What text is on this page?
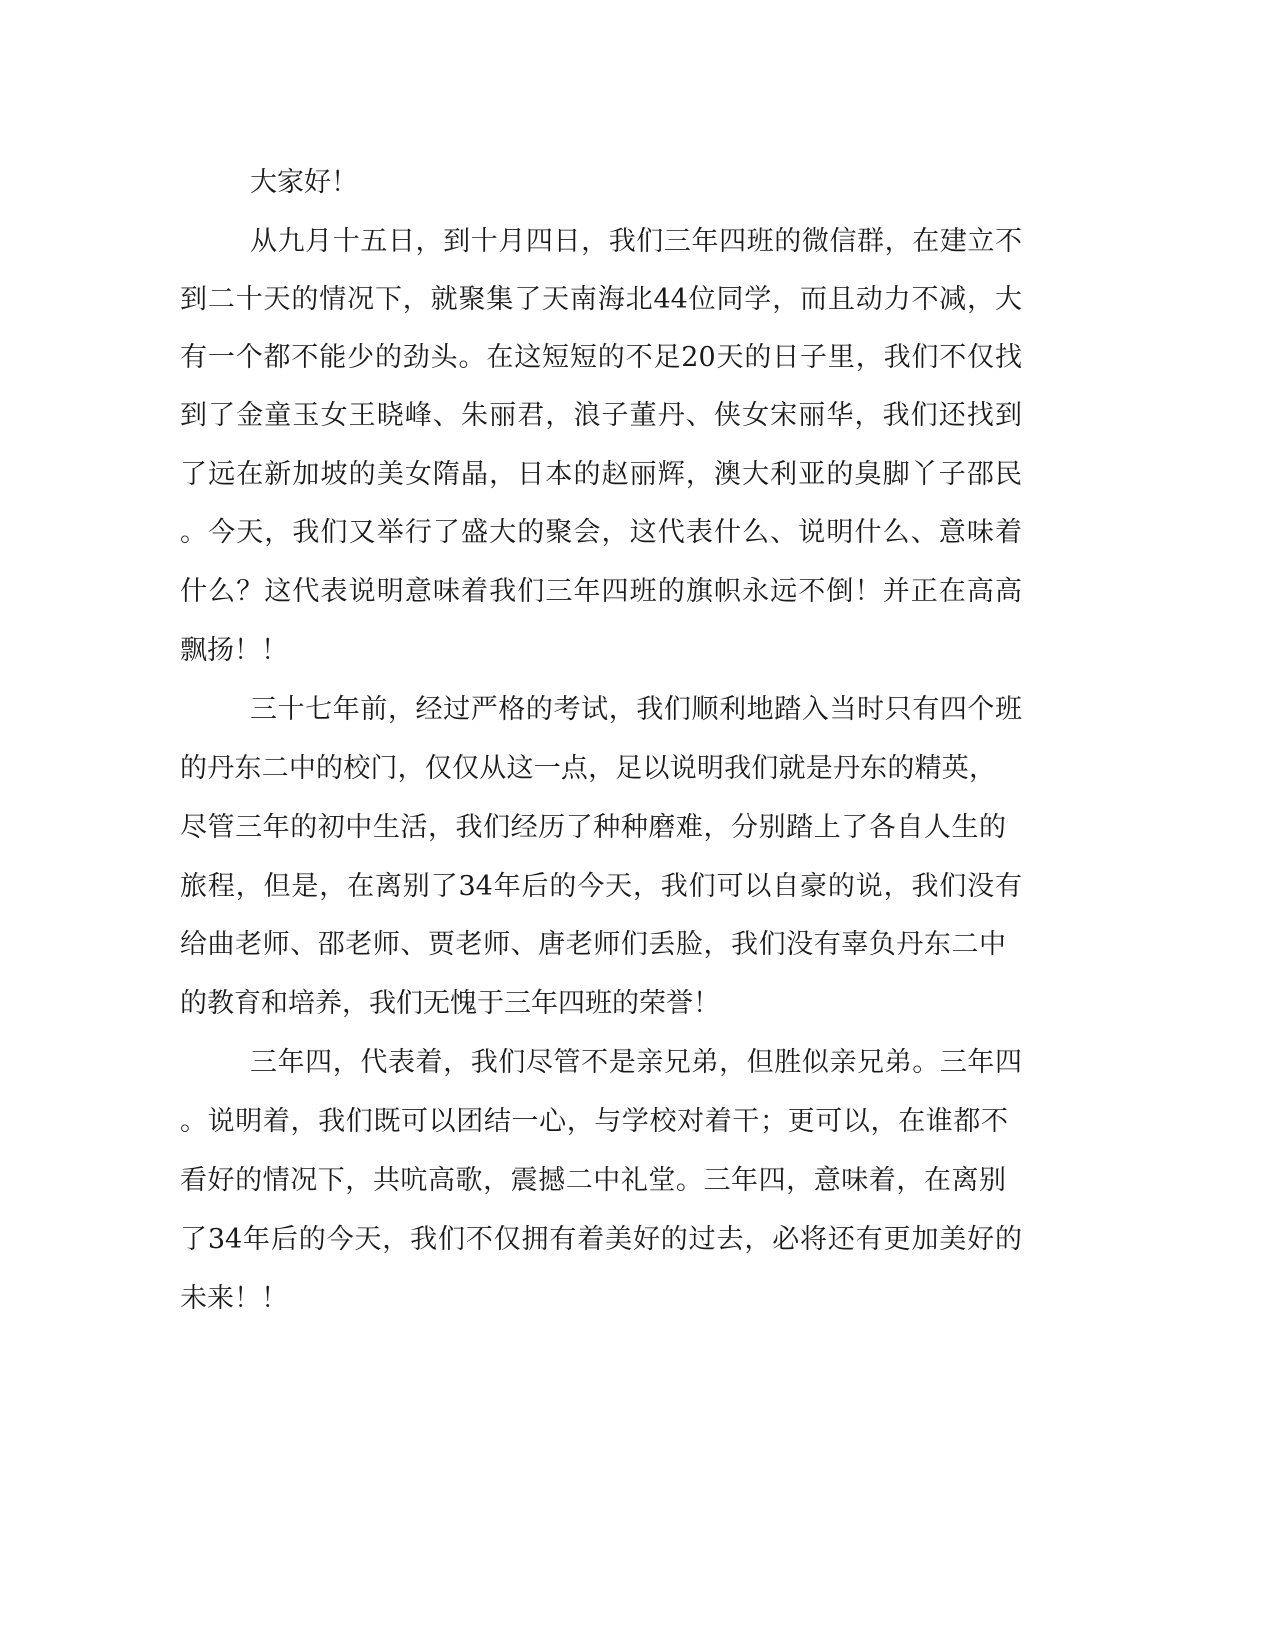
大家好！

从九月十五日，到十月四日，我们三年四班的微信群，在建立不

到二十天的情况下，就聚集了天南海北44位同学，而且动力不减，大

有一个都不能少的劲头。在这短短的不足20天的日子里，我们不仅找

到了金童玉女王晓峰、朱丽君，浪子董丹、侠女宋丽华，我们还找到

了远在新加坡的美女隋晶，日本的赵丽辉，澳大利亚的臭脚丫子邵民

。今天，我们又举行了盛大的聚会，这代表什么、说明什么、意味着

什么？这代表说明意味着我们三年四班的旗帜永远不倒！并正在高高

飘扬！！

三十七年前，经过严格的考试，我们顺利地踏入当时只有四个班

的丹东二中的校门，仅仅从这一点，足以说明我们就是丹东的精英，

尽管三年的初中生活，我们经历了种种磨难，分别踏上了各自人生的

旅程，但是，在离别了34年后的今天，我们可以自豪的说，我们没有

给曲老师、邵老师、贾老师、唐老师们丢脸，我们没有辜负丹东二中

的教育和培养，我们无愧于三年四班的荣誉！

三年四，代表着，我们尽管不是亲兄弟，但胜似亲兄弟。三年四

。说明着，我们既可以团结一心，与学校对着干；更可以，在谁都不

看好的情况下，共吭高歌，震撼二中礼堂。三年四，意味着，在离别

了34年后的今天，我们不仅拥有着美好的过去，必将还有更加美好的

未来！！
